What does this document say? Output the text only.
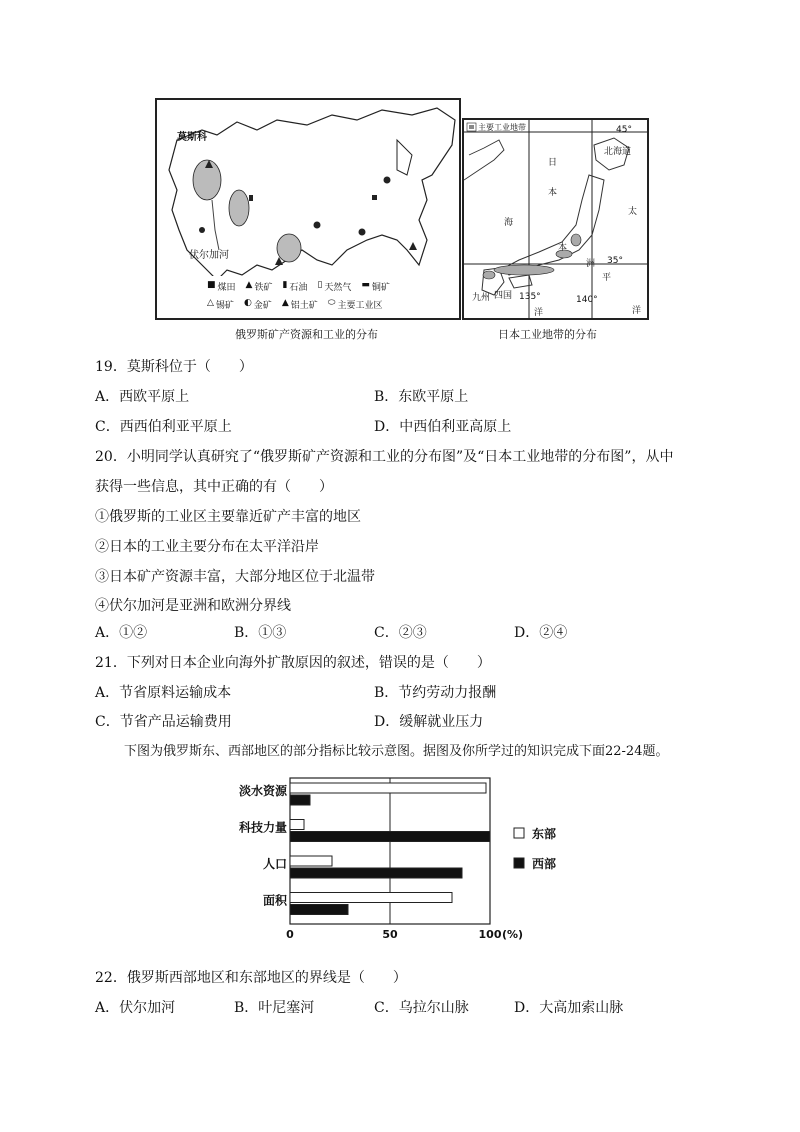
莫斯科
伏尔加河
■ 煤田 ▲ 铁矿 ▮ 石油 ▯ 天然气 ▬ 铜矿
△ 锡矿 ◐ 金矿 ▲ 铝土矿 ⬭ 主要工业区
俄罗斯矿产资源和工业的分布
主要工业地带	45°
北海道
日
本
海
太
本
洲 35°
平
九州 四国 135°	140°
洋
洋
日本工业地带的分布
19．莫斯科位于（　　）
A．西欧平原上	B．东欧平原上
C．西西伯利亚平原上	D．中西伯利亚高原上
20．小明同学认真研究了“俄罗斯矿产资源和工业的分布图”及“日本工业地带的分布图”，从中
获得一些信息，其中正确的有（　　）
①俄罗斯的工业区主要靠近矿产丰富的地区
②日本的工业主要分布在太平洋沿岸
③日本矿产资源丰富，大部分地区位于北温带
④伏尔加河是亚洲和欧洲分界线
A．①②	B．①③	C．②③	D．②④
21．下列对日本企业向海外扩散原因的叙述，错误的是（　　）
A．节省原料运输成本	B．节约劳动力报酬
C．节省产品运输费用	D．缓解就业压力
下图为俄罗斯东、西部地区的部分指标比较示意图。据图及你所学过的知识完成下面22-24题。
淡水资源
科技力量
人口
面积
0	50	100 (%)
东部
西部
22．俄罗斯西部地区和东部地区的界线是（　　）
A．伏尔加河	B．叶尼塞河	C．乌拉尔山脉	D．大高加索山脉
